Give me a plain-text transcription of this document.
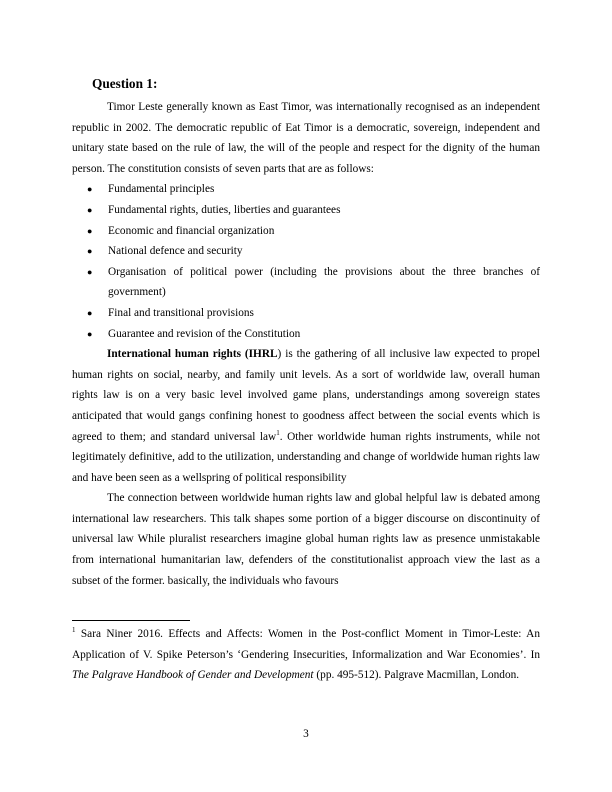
Question 1:

Timor Leste generally known as East Timor, was internationally recognised as an independent republic in 2002. The democratic republic of Eat Timor is a democratic, sovereign, independent and unitary state based on the rule of law, the will of the people and respect for the dignity of the human person. The constitution consists of seven parts that are as follows:

● Fundamental principles
● Fundamental rights, duties, liberties and guarantees
● Economic and financial organization
● National defence and security
● Organisation of political power (including the provisions about the three branches of government)
● Final and transitional provisions
● Guarantee and revision of the Constitution

International human rights (IHRL) is the gathering of all inclusive law expected to propel human rights on social, nearby, and family unit levels. As a sort of worldwide law, overall human rights law is on a very basic level involved game plans, understandings among sovereign states anticipated that would gangs confining honest to goodness affect between the social events which is agreed to them; and standard universal law$^1$. Other worldwide human rights instruments, while not legitimately definitive, add to the utilization, understanding and change of worldwide human rights law and have been seen as a wellspring of political responsibility

The connection between worldwide human rights law and global helpful law is debated among international law researchers. This talk shapes some portion of a bigger discourse on discontinuity of universal law While pluralist researchers imagine global human rights law as presence unmistakable from international humanitarian law, defenders of the constitutionalist approach view the last as a subset of the former. basically, the individuals who favours

$^1$ Sara Niner 2016. Effects and Affects: Women in the Post-conflict Moment in Timor-Leste: An Application of V. Spike Peterson’s ‘Gendering Insecurities, Informalization and War Economies’. In The Palgrave Handbook of Gender and Development (pp. 495-512). Palgrave Macmillan, London.
3
